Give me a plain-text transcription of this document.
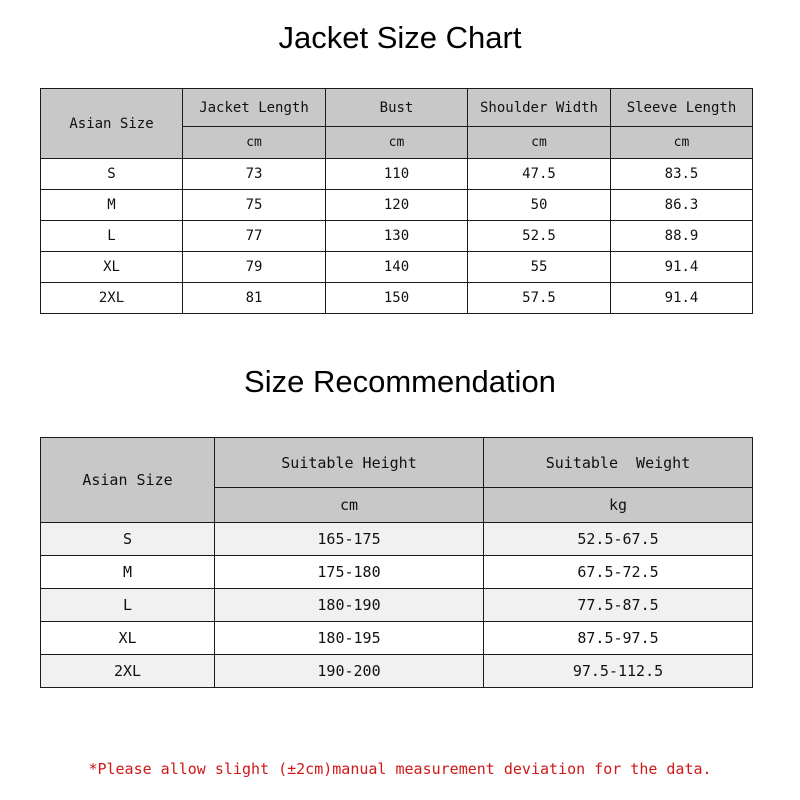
Jacket Size Chart
Asian Size	Jacket Length	Bust	Shoulder Width	Sleeve Length
	cm	cm	cm	cm
S	73	110	47.5	83.5
M	75	120	50	86.3
L	77	130	52.5	88.9
XL	79	140	55	91.4
2XL	81	150	57.5	91.4
Size Recommendation
Asian Size	Suitable Height	Suitable  Weight
	cm	kg
S	165-175	52.5-67.5
M	175-180	67.5-72.5
L	180-190	77.5-87.5
XL	180-195	87.5-97.5
2XL	190-200	97.5-112.5
*Please allow slight (±2cm)manual measurement deviation for the data.
